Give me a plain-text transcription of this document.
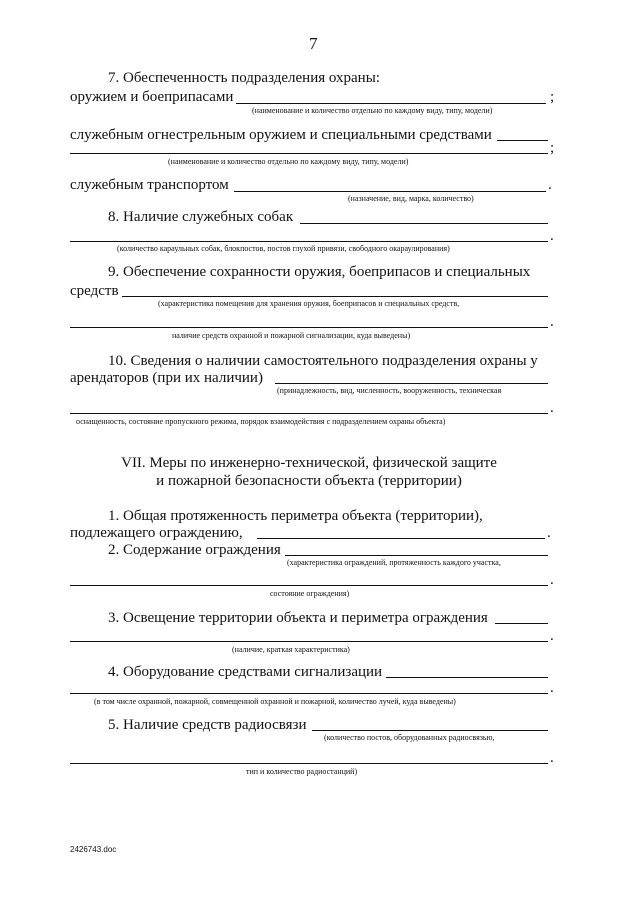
7
7. Обеспеченность подразделения охраны:
оружием и боеприпасами	;
(наименование и количество отдельно по каждому виду, типу, модели)
служебным огнестрельным оружием и специальными средствами
;
(наименование и количество отдельно по каждому виду, типу, модели)
служебным транспортом	.
(назначение, вид, марка, количество)
8. Наличие служебных собак
.
(количество караульных собак, блокпостов, постов глухой привязи, свободного окараулирования)
9. Обеспечение сохранности оружия, боеприпасов и специальных
средств
(характеристика помещения для хранения оружия, боеприпасов и специальных средств,
.
наличие средств охранной и пожарной сигнализации, куда выведены)
10. Сведения о наличии самостоятельного подразделения охраны у
арендаторов (при их наличии)
(принадлежность, вид, численность, вооруженность, техническая
.
оснащенность, состояние пропускного режима, порядок взаимодействия с подразделением охраны объекта)
VII. Меры по инженерно-технической, физической защите
и пожарной безопасности объекта (территории)
1. Общая протяженность периметра объекта (территории),
подлежащего ограждению,	.
2. Содержание ограждения
(характеристика ограждений, протяженность каждого участка,
.
состояние ограждения)
3. Освещение территории объекта и периметра ограждения
.
(наличие, краткая характеристика)
4. Оборудование средствами сигнализации
.
(в том числе охранной, пожарной, совмещенной охранной и пожарной, количество лучей, куда выведены)
5. Наличие средств радиосвязи
(количество постов, оборудованных радиосвязью,
.
тип и количество радиостанций)
2426743.doc
